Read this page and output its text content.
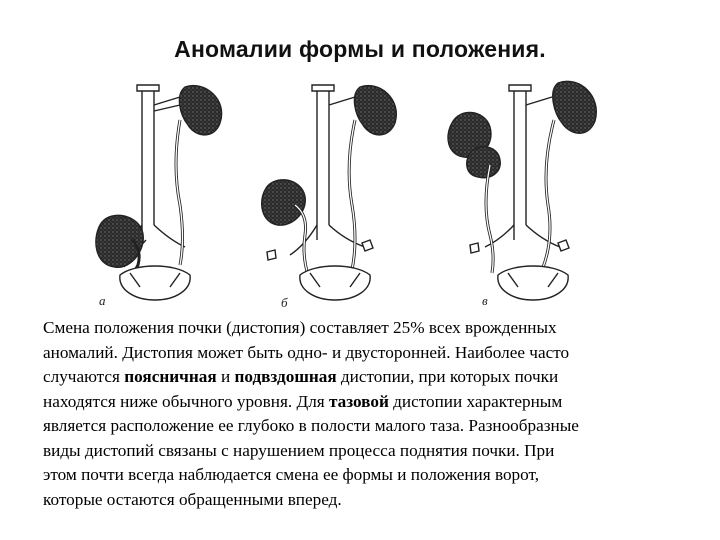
Аномалии формы и положения.
а	б	в

Смена положения почки (дистопия) составляет 25% всех врожденных

аномалий. Дистопия может быть одно- и двусторонней. Наиболее часто

случаются поясничная и подвздошная дистопии, при которых почки

находятся ниже обычного уровня. Для тазовой дистопии характерным

является расположение ее глубоко в полости малого таза. Разнообразные

виды дистопий связаны с нарушением процесса поднятия почки. При

этом почти всегда наблюдается смена ее формы и положения ворот,

которые остаются обращенными вперед.
